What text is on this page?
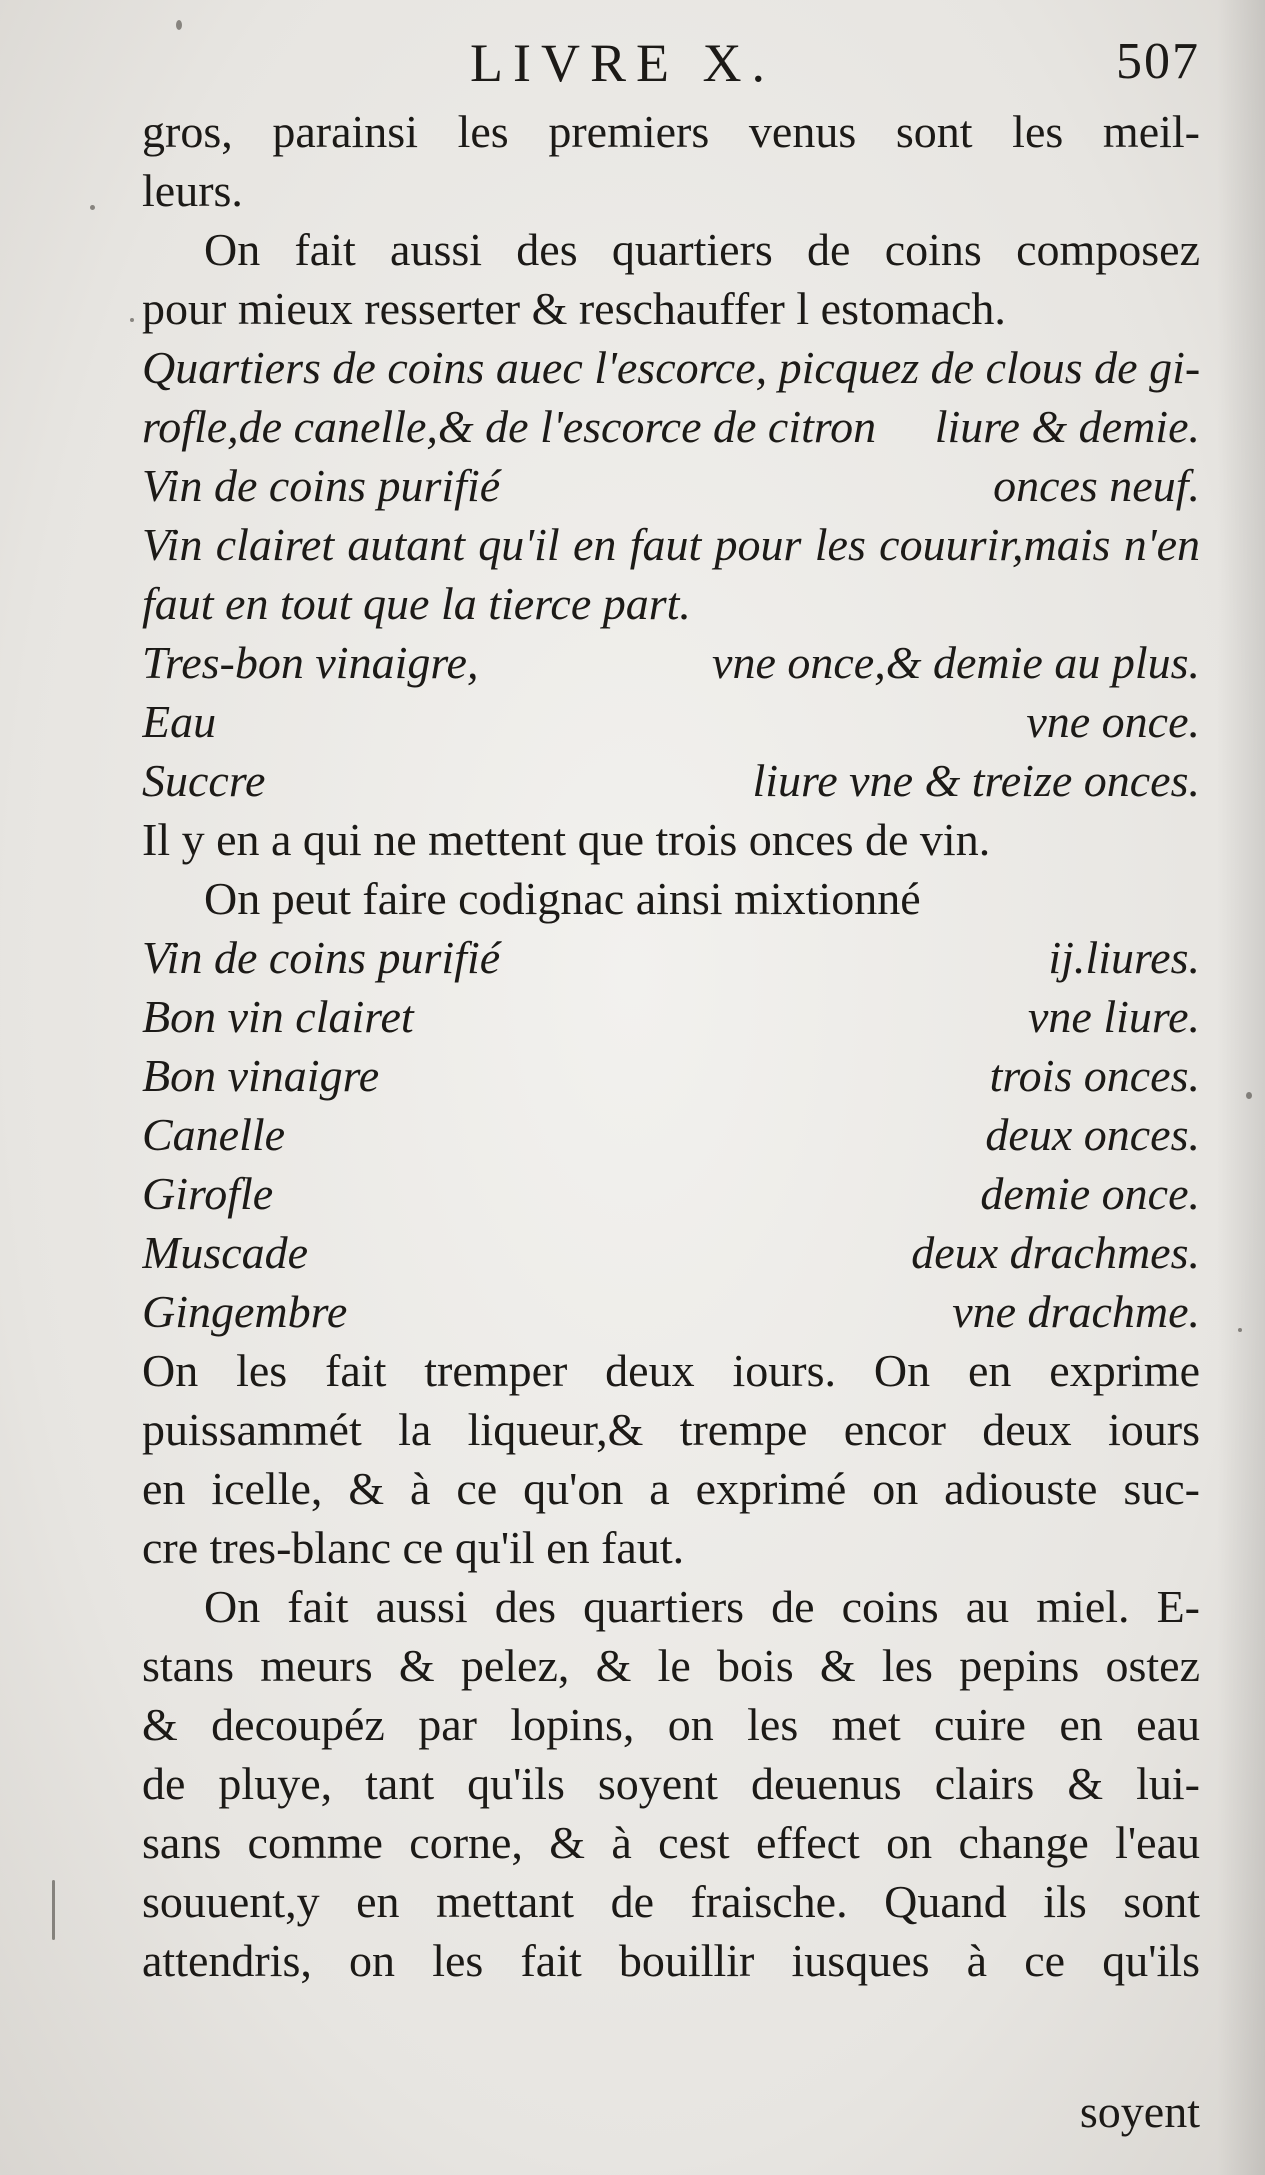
LIVRE X.	507
gros, parainsi les premiers venus sont les meil-
leurs.
On fait aussi des quartiers de coins composez
pour mieux resserter & reschauffer l estomach.
Quartiers de coins auec l'escorce, picquez de clous de gi-
rofle,de canelle,& de l'escorce de citron liure & demie.
Vin de coins purifié	onces neuf.
Vin clairet autant qu'il en faut pour les couurir,mais n'en
faut en tout que la tierce part.
Tres-bon vinaigre,	vne once,& demie au plus.
Eau	vne once.
Succre	liure vne & treize onces.
Il y en a qui ne mettent que trois onces de vin.
On peut faire codignac ainsi mixtionné
Vin de coins purifié	ij.liures.
Bon vin clairet	vne liure.
Bon vinaigre	trois onces.
Canelle	deux onces.
Girofle	demie once.
Muscade	deux drachmes.
Gingembre	vne drachme.
On les fait tremper deux iours. On en exprime
puissammét la liqueur,& trempe encor deux iours
en icelle, & à ce qu'on a exprimé on adiouste suc-
cre tres-blanc ce qu'il en faut.
On fait aussi des quartiers de coins au miel. E-
stans meurs & pelez, & le bois & les pepins ostez
& decoupéz par lopins, on les met cuire en eau
de pluye, tant qu'ils soyent deuenus clairs & lui-
sans comme corne, & à cest effect on change l'eau
souuent,y en mettant de fraische. Quand ils sont
attendris, on les fait bouillir iusques à ce qu'ils
soyent
